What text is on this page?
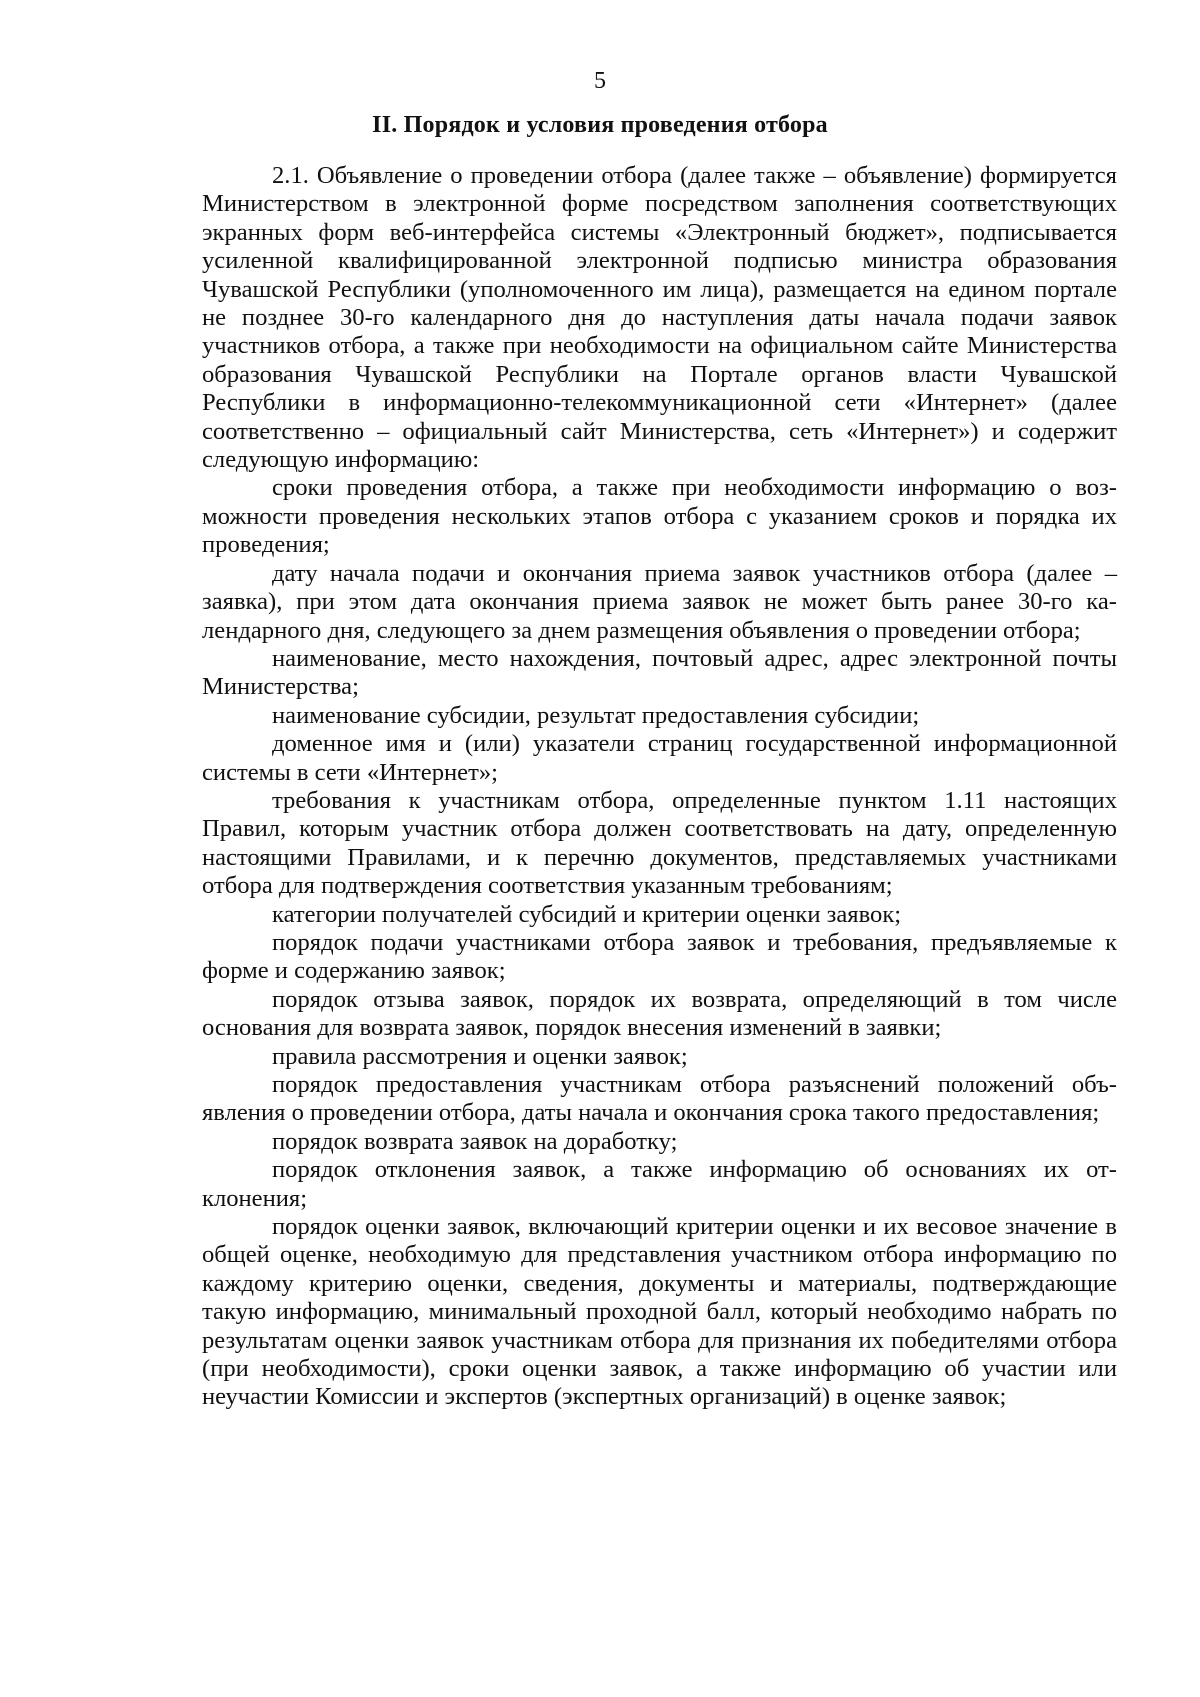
5
II. Порядок и условия проведения отбора

2.1. Объявление о проведении отбора (далее также – объявление) формируется Министерством в электронной форме посредством заполнения соответствующих экранных форм веб-интерфейса системы «Электронный бюджет», подписывается усиленной квалифицированной электронной подписью министра образования Чувашской Республики (уполномоченного им лица), размещается на едином портале не позднее 30-го календарного дня до наступления даты начала подачи заявок участников отбора, а также при необходимости на официальном сайте Министерства образования Чувашской Республики на Портале органов власти Чувашской Республики в информационно-телекоммуникационной сети «Интернет» (далее соответственно – официальный сайт Министерства, сеть «Интернет») и содержит следующую информацию:

сроки проведения отбора, а также при необходимости информацию о возможности проведения нескольких этапов отбора с указанием сроков и порядка их проведения;

дату начала подачи и окончания приема заявок участников отбора (далее – заявка), при этом дата окончания приема заявок не может быть ранее 30-го календарного дня, следующего за днем размещения объявления о проведении отбора;

наименование, место нахождения, почтовый адрес, адрес электронной почты Министерства;

наименование субсидии, результат предоставления субсидии;

доменное имя и (или) указатели страниц государственной информационной системы в сети «Интернет»;

требования к участникам отбора, определенные пунктом 1.11 настоящих Правил, которым участник отбора должен соответствовать на дату, определенную настоящими Правилами, и к перечню документов, представляемых участниками отбора для подтверждения соответствия указанным требованиям;

категории получателей субсидий и критерии оценки заявок;

порядок подачи участниками отбора заявок и требования, предъявляемые к форме и содержанию заявок;

порядок отзыва заявок, порядок их возврата, определяющий в том числе основания для возврата заявок, порядок внесения изменений в заявки;

правила рассмотрения и оценки заявок;

порядок предоставления участникам отбора разъяснений положений объявления о проведении отбора, даты начала и окончания срока такого предоставления;

порядок возврата заявок на доработку;

порядок отклонения заявок, а также информацию об основаниях их отклонения;

порядок оценки заявок, включающий критерии оценки и их весовое значение в общей оценке, необходимую для представления участником отбора информацию по каждому критерию оценки, сведения, документы и материалы, подтверждающие такую информацию, минимальный проходной балл, который необходимо набрать по результатам оценки заявок участникам отбора для признания их победителями отбора (при необходимости), сроки оценки заявок, а также информацию об участии или неучастии Комиссии и экспертов (экспертных организаций) в оценке заявок;
